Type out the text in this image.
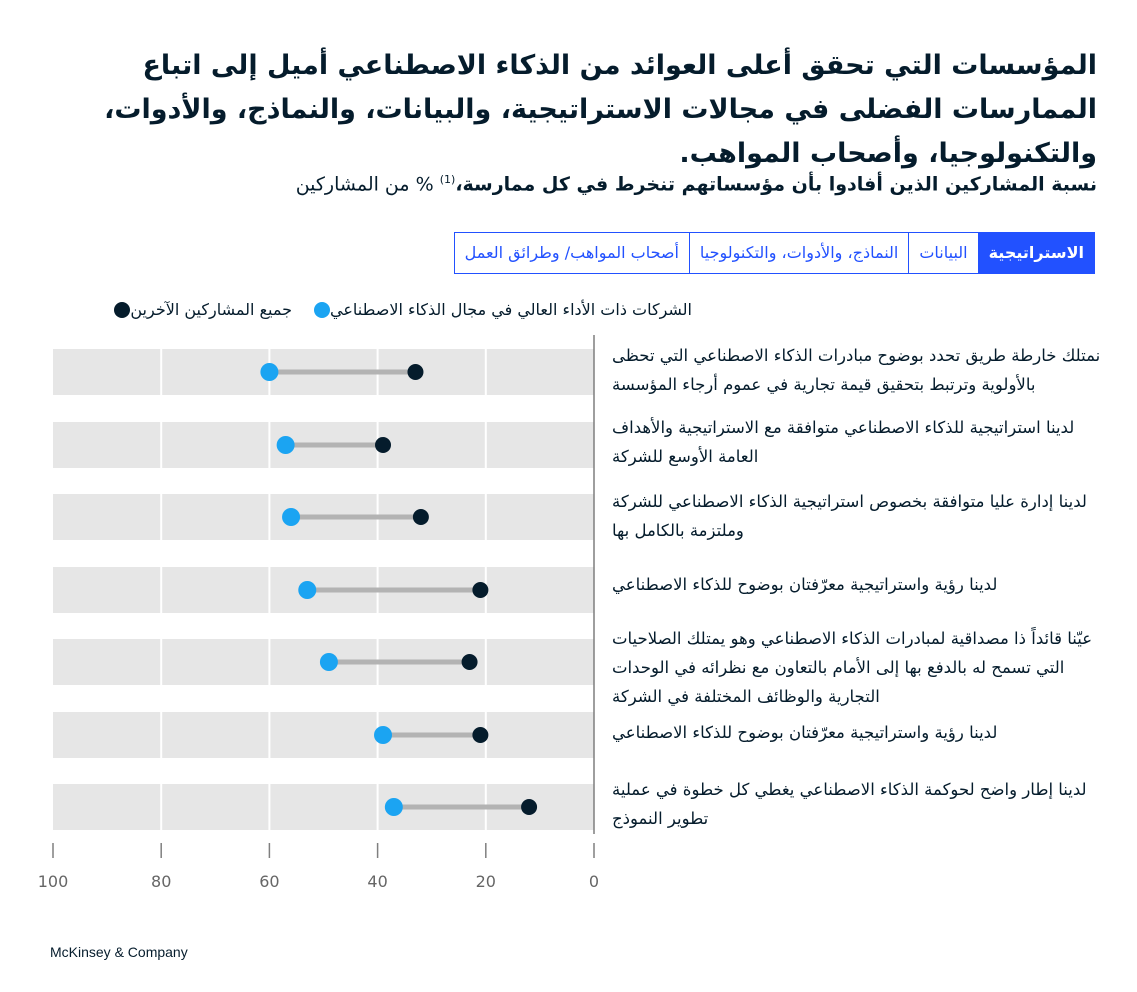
المؤسسات التي تحقق أعلى العوائد من الذكاء الاصطناعي أميل إلى اتباع الممارسات الفضلى في مجالات الاستراتيجية، والبيانات، والنماذج، والأدوات، والتكنولوجيا، وأصحاب المواهب.
نسبة المشاركين الذين أفادوا بأن مؤسساتهم تنخرط في كل ممارسة،$^{(1)}$ % من المشاركين
الاستراتيجية
البيانات
النماذج، والأدوات، والتكنولوجيا
أصحاب المواهب/ وطرائق العمل
جميع المشاركين الآخرين الشركات ذات الأداء العالي في مجال الذكاء الاصطناعي
100	80	60	40	20	0
نمتلك خارطة طريق تحدد بوضوح مبادرات الذكاء الاصطناعي التي تحظى بالأولوية وترتبط بتحقيق قيمة تجارية في عموم أرجاء المؤسسة
لدينا استراتيجية للذكاء الاصطناعي متوافقة مع الاستراتيجية والأهداف العامة الأوسع للشركة
لدينا إدارة عليا متوافقة بخصوص استراتيجية الذكاء الاصطناعي للشركة وملتزمة بالكامل بها
لدينا رؤية واستراتيجية معرّفتان بوضوح للذكاء الاصطناعي
عيّنا قائداً ذا مصداقية لمبادرات الذكاء الاصطناعي وهو يمتلك الصلاحيات التي تسمح له بالدفع بها إلى الأمام بالتعاون مع نظرائه في الوحدات التجارية والوظائف المختلفة في الشركة
لدينا رؤية واستراتيجية معرّفتان بوضوح للذكاء الاصطناعي
لدينا إطار واضح لحوكمة الذكاء الاصطناعي يغطي كل خطوة في عملية تطوير النموذج
McKinsey & Company
